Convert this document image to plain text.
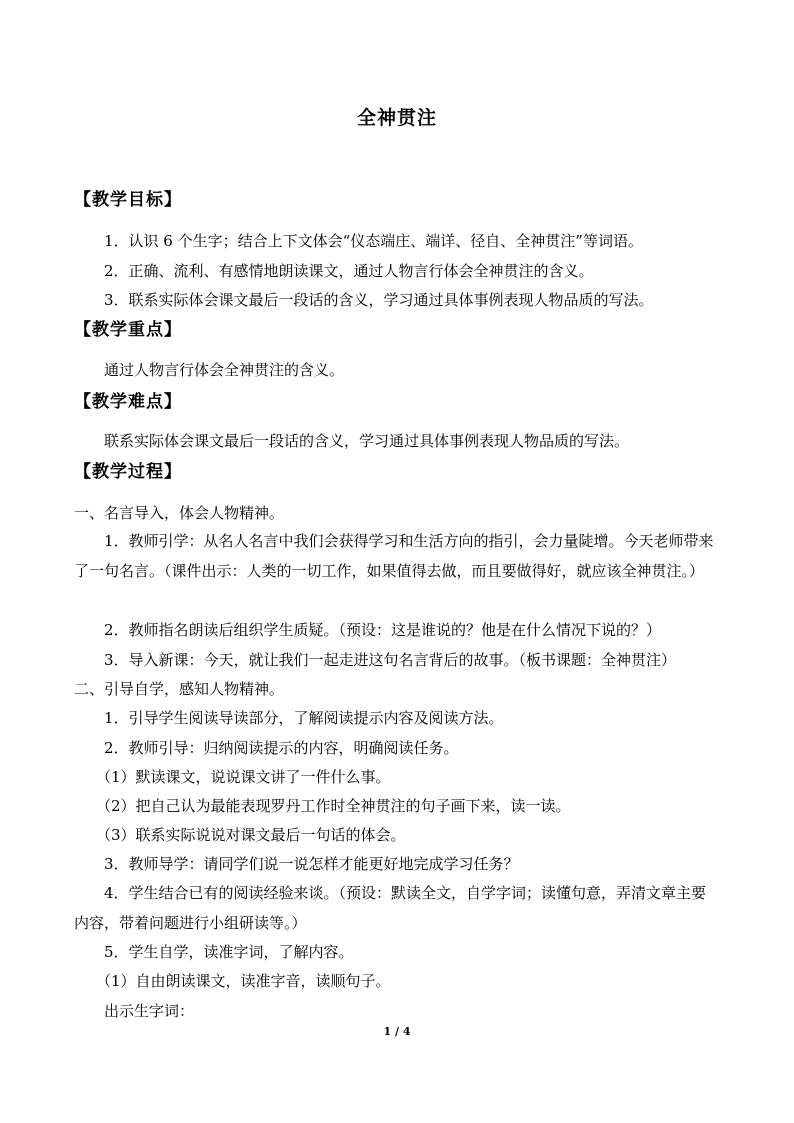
全神贯注
【教学目标】
1．认识 6 个生字；结合上下文体会“仪态端庄、端详、径自、全神贯注”等词语。
2．正确、流利、有感情地朗读课文，通过人物言行体会全神贯注的含义。
3．联系实际体会课文最后一段话的含义，学习通过具体事例表现人物品质的写法。
【教学重点】
通过人物言行体会全神贯注的含义。
【教学难点】
联系实际体会课文最后一段话的含义，学习通过具体事例表现人物品质的写法。
【教学过程】
一、名言导入，体会人物精神。
1．教师引学：从名人名言中我们会获得学习和生活方向的指引，会力量陡增。今天老师带来了一句名言。（课件出示：人类的一切工作，如果值得去做，而且要做得好，就应该全神贯注。）
2．教师指名朗读后组织学生质疑。（预设：这是谁说的？他是在什么情况下说的？）
3．导入新课：今天，就让我们一起走进这句名言背后的故事。（板书课题：全神贯注）
二、引导自学，感知人物精神。
1．引导学生阅读导读部分，了解阅读提示内容及阅读方法。
2．教师引导：归纳阅读提示的内容，明确阅读任务。
（1）默读课文，说说课文讲了一件什么事。
（2）把自己认为最能表现罗丹工作时全神贯注的句子画下来，读一读。
（3）联系实际说说对课文最后一句话的体会。
3．教师导学：请同学们说一说怎样才能更好地完成学习任务？
4．学生结合已有的阅读经验来谈。（预设：默读全文，自学字词；读懂句意，弄清文章主要内容，带着问题进行小组研读等。）
5．学生自学，读准字词，了解内容。
（1）自由朗读课文，读准字音，读顺句子。
出示生字词：
1 / 4
